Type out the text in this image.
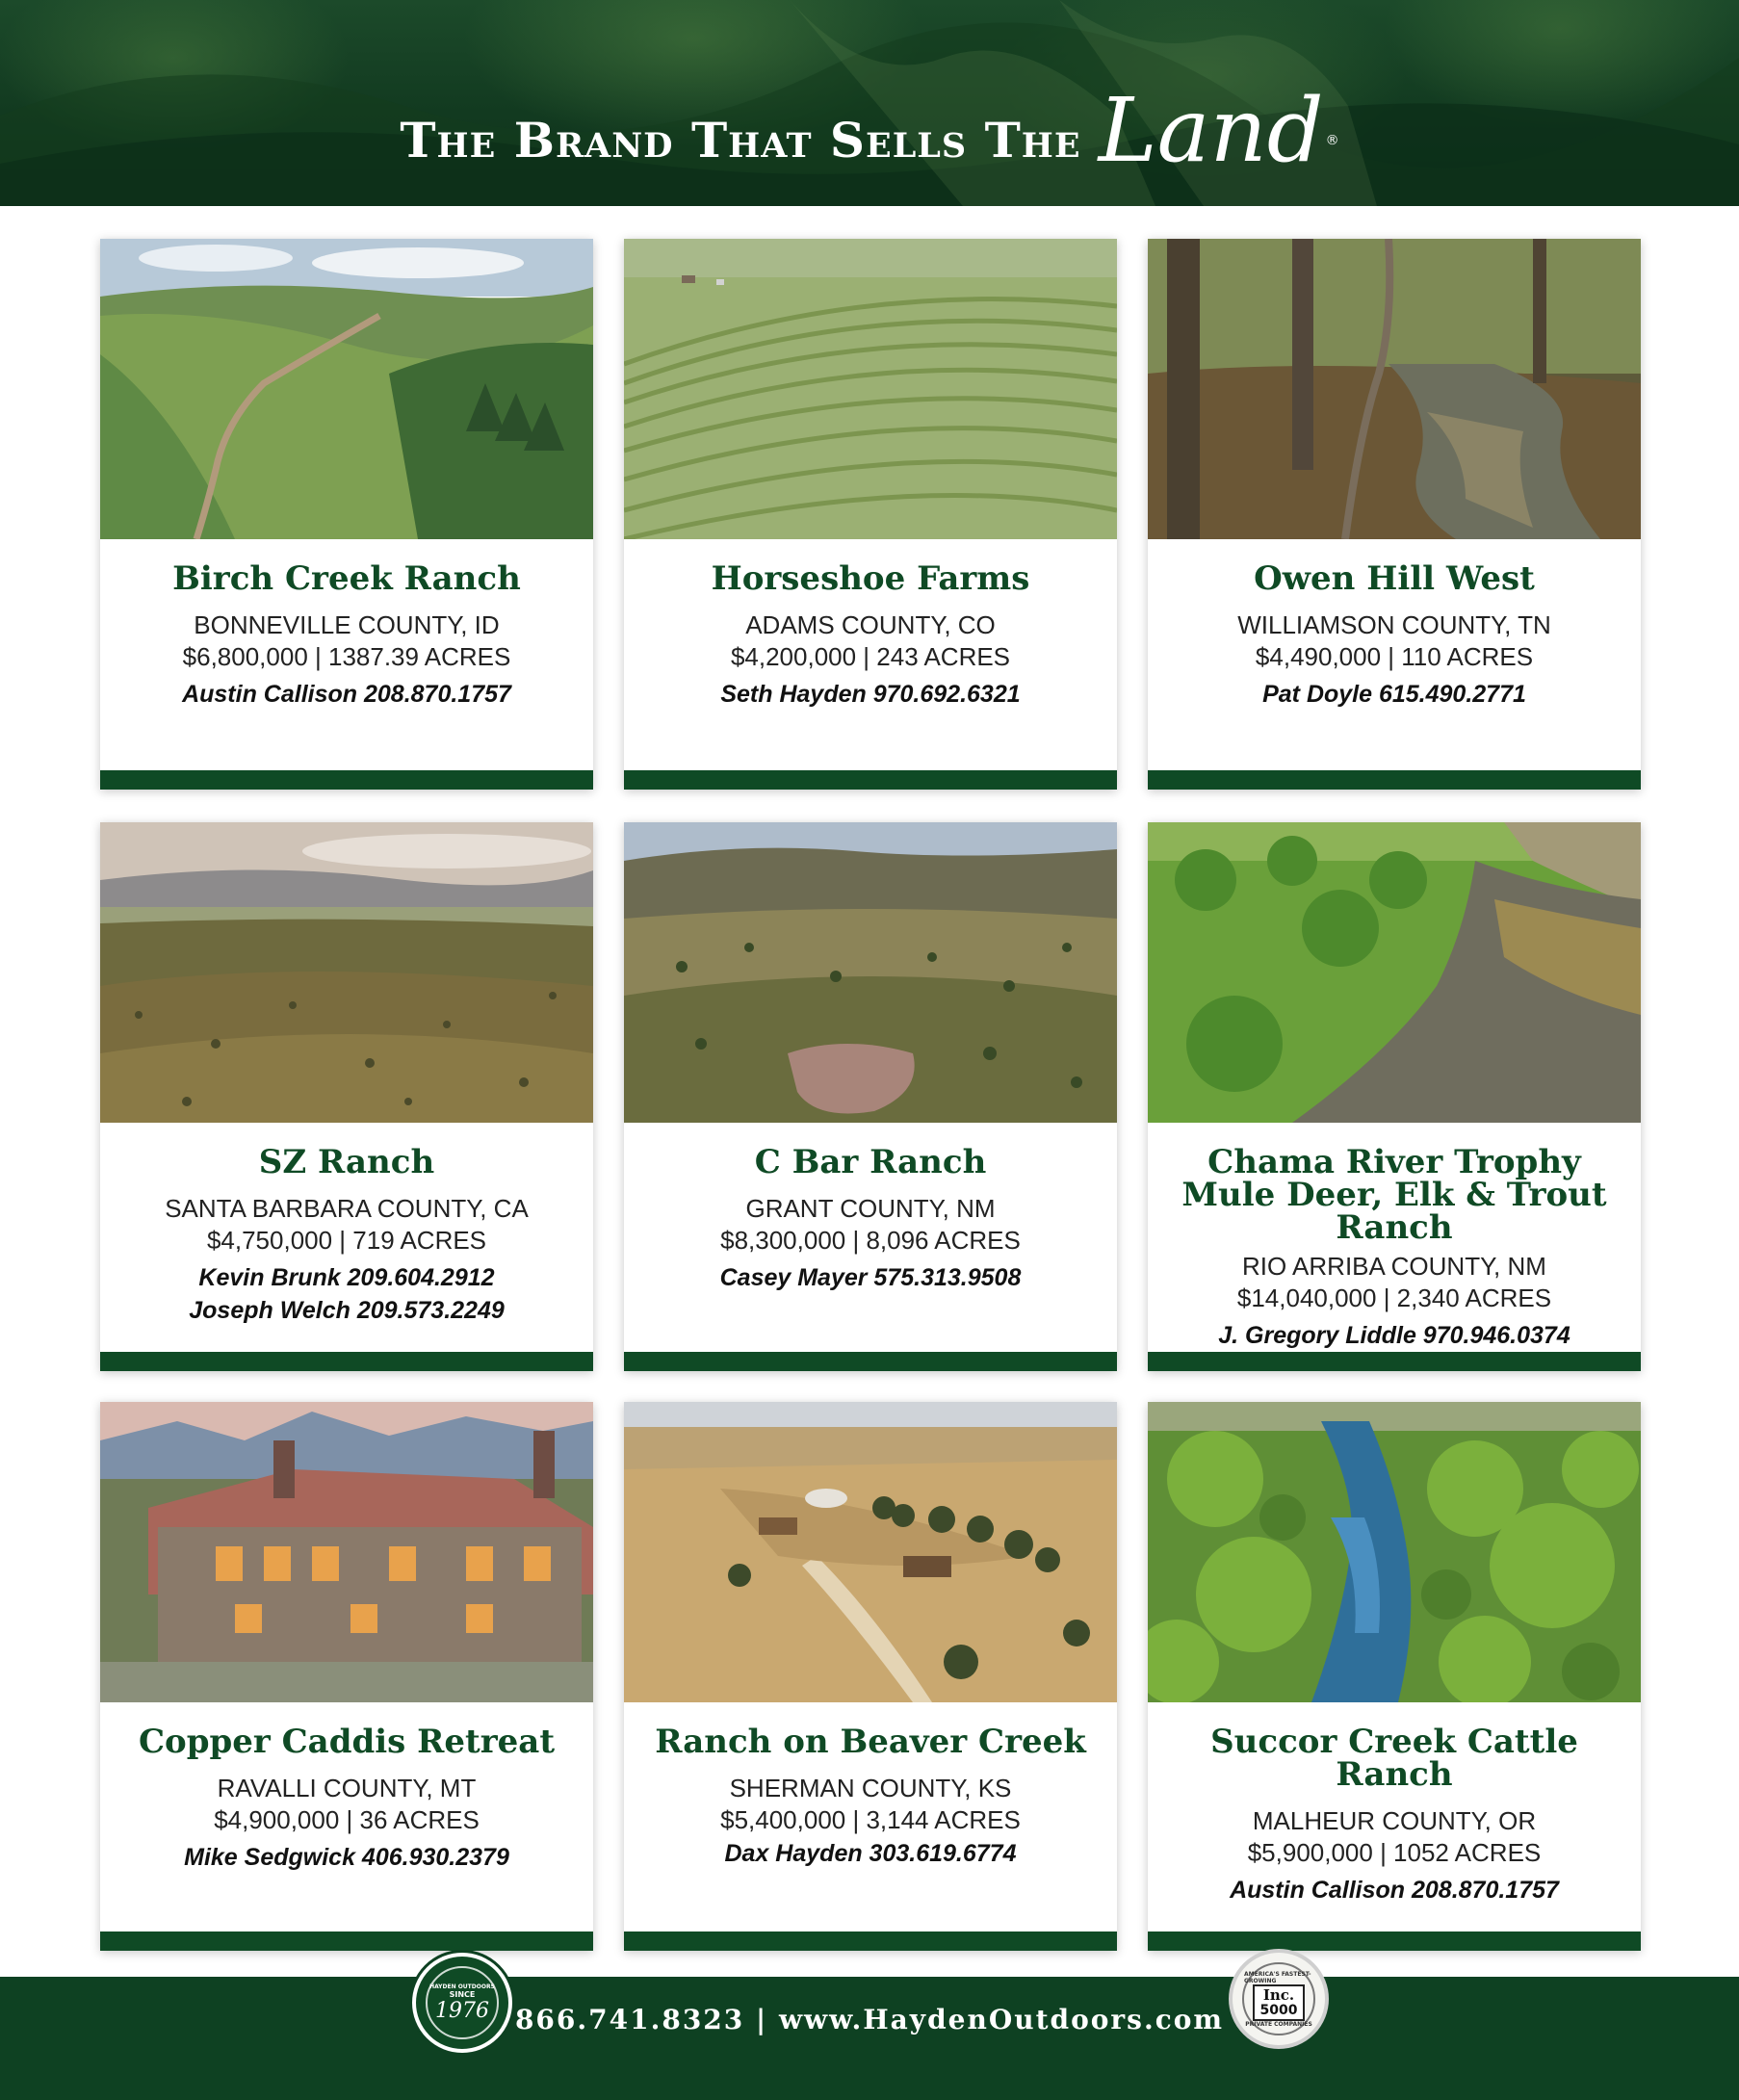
The Brand That Sells The Land ®
Birch Creek Ranch
BONNEVILLE COUNTY, ID
$6,800,000 | 1387.39 ACRES
Austin Callison 208.870.1757
Horseshoe Farms
ADAMS COUNTY, CO
$4,200,000 | 243 ACRES
Seth Hayden 970.692.6321
Owen Hill West
WILLIAMSON COUNTY, TN
$4,490,000 | 110 ACRES
Pat Doyle 615.490.2771
SZ Ranch
SANTA BARBARA COUNTY, CA
$4,750,000 | 719 ACRES
Kevin Brunk 209.604.2912
Joseph Welch 209.573.2249
C Bar Ranch
GRANT COUNTY, NM
$8,300,000 | 8,096 ACRES
Casey Mayer 575.313.9508
Chama River Trophy Mule Deer, Elk & Trout Ranch
RIO ARRIBA COUNTY, NM
$14,040,000 | 2,340 ACRES
J. Gregory Liddle 970.946.0374
Copper Caddis Retreat
RAVALLI COUNTY, MT
$4,900,000 | 36 ACRES
Mike Sedgwick 406.930.2379
Ranch on Beaver Creek
SHERMAN COUNTY, KS
$5,400,000 | 3,144 ACRES
Dax Hayden 303.619.6774
Succor Creek Cattle Ranch
MALHEUR COUNTY, OR
$5,900,000 | 1052 ACRES
Austin Callison 208.870.1757
866.741.8323 | www.HaydenOutdoors.com
HAYDEN OUTDOORS
SINCE
1976
AMERICA'S FASTEST-GROWING
Inc.
5000
PRIVATE COMPANIES
